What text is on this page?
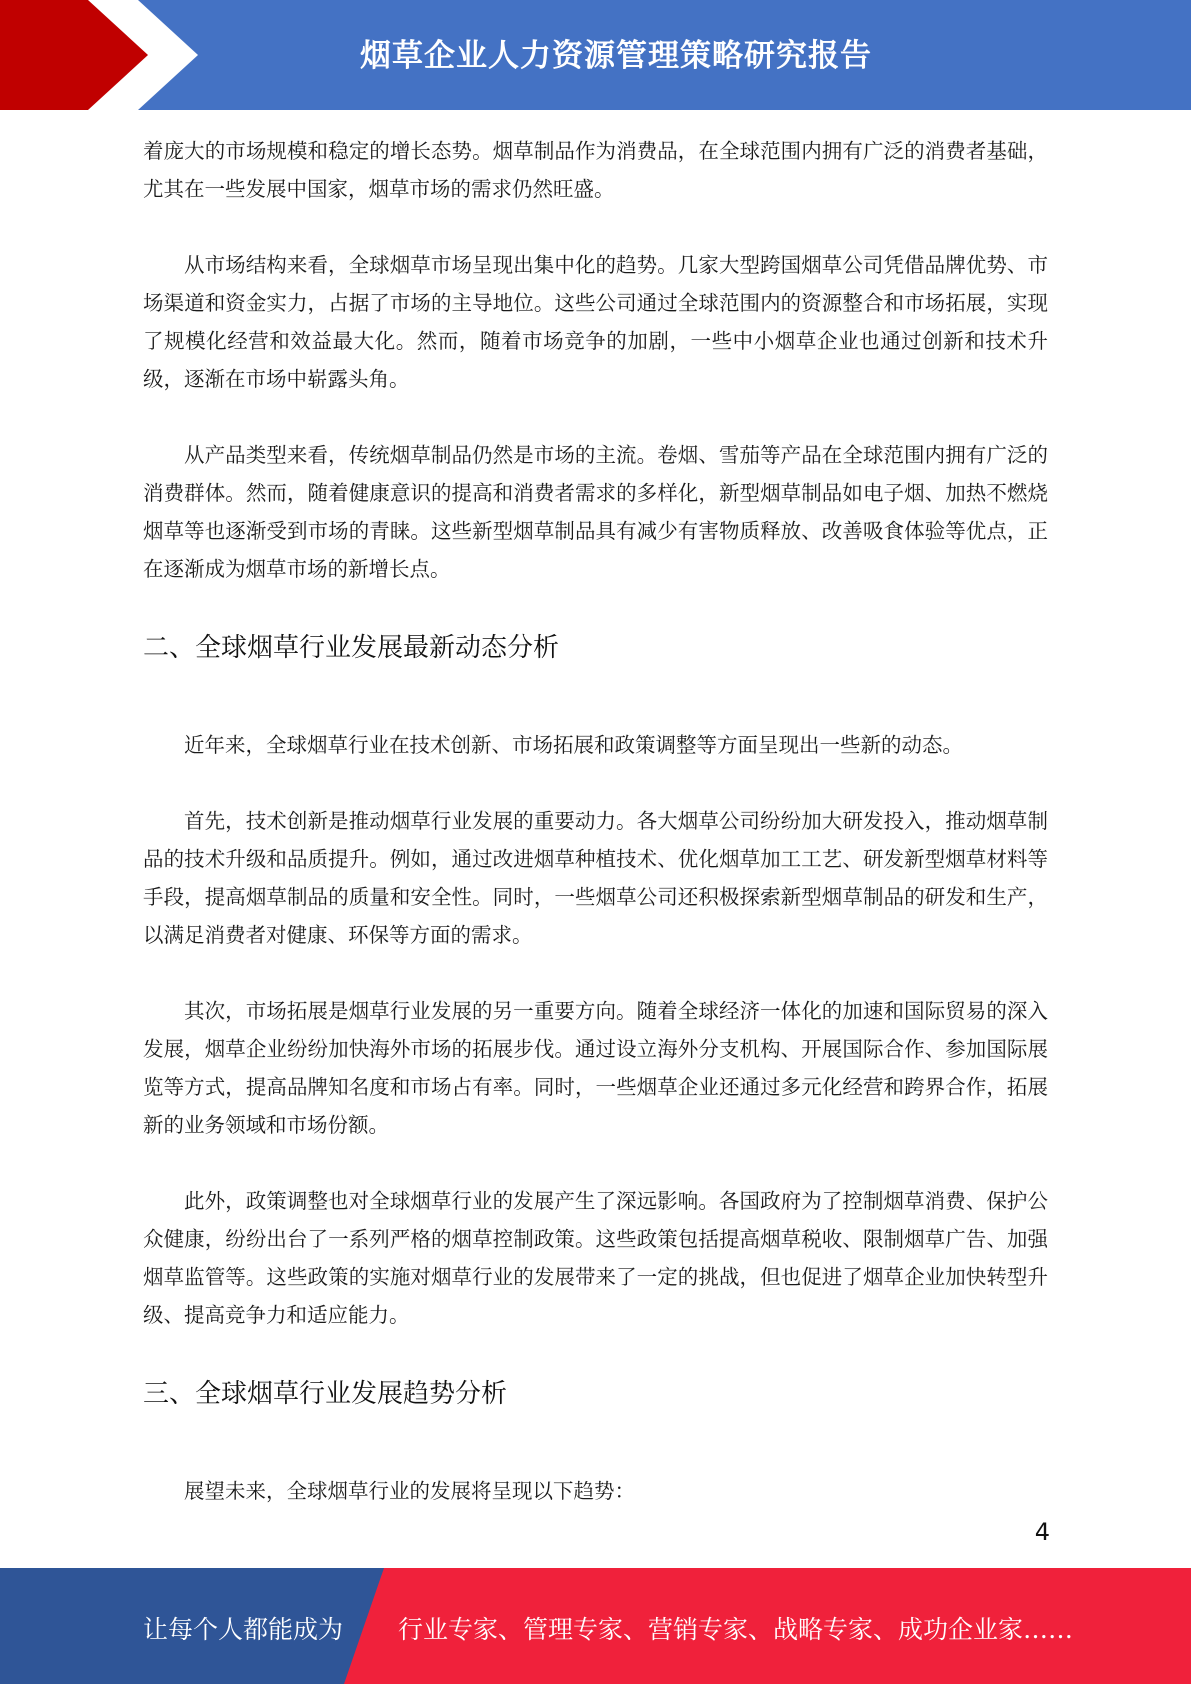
烟草企业人力资源管理策略研究报告

着庞大的市场规模和稳定的增长态势。烟草制品作为消费品，在全球范围内拥有广泛的消费者基础，尤其在一些发展中国家，烟草市场的需求仍然旺盛。

从市场结构来看，全球烟草市场呈现出集中化的趋势。几家大型跨国烟草公司凭借品牌优势、市场渠道和资金实力，占据了市场的主导地位。这些公司通过全球范围内的资源整合和市场拓展，实现了规模化经营和效益最大化。然而，随着市场竞争的加剧，一些中小烟草企业也通过创新和技术升级，逐渐在市场中崭露头角。

从产品类型来看，传统烟草制品仍然是市场的主流。卷烟、雪茄等产品在全球范围内拥有广泛的消费群体。然而，随着健康意识的提高和消费者需求的多样化，新型烟草制品如电子烟、加热不燃烧烟草等也逐渐受到市场的青睐。这些新型烟草制品具有减少有害物质释放、改善吸食体验等优点，正在逐渐成为烟草市场的新增长点。

二、全球烟草行业发展最新动态分析

近年来，全球烟草行业在技术创新、市场拓展和政策调整等方面呈现出一些新的动态。

首先，技术创新是推动烟草行业发展的重要动力。各大烟草公司纷纷加大研发投入，推动烟草制品的技术升级和品质提升。例如，通过改进烟草种植技术、优化烟草加工工艺、研发新型烟草材料等手段，提高烟草制品的质量和安全性。同时，一些烟草公司还积极探索新型烟草制品的研发和生产，以满足消费者对健康、环保等方面的需求。

其次，市场拓展是烟草行业发展的另一重要方向。随着全球经济一体化的加速和国际贸易的深入发展，烟草企业纷纷加快海外市场的拓展步伐。通过设立海外分支机构、开展国际合作、参加国际展览等方式，提高品牌知名度和市场占有率。同时，一些烟草企业还通过多元化经营和跨界合作，拓展新的业务领域和市场份额。

此外，政策调整也对全球烟草行业的发展产生了深远影响。各国政府为了控制烟草消费、保护公众健康，纷纷出台了一系列严格的烟草控制政策。这些政策包括提高烟草税收、限制烟草广告、加强烟草监管等。这些政策的实施对烟草行业的发展带来了一定的挑战，但也促进了烟草企业加快转型升级、提高竞争力和适应能力。

三、全球烟草行业发展趋势分析

展望未来，全球烟草行业的发展将呈现以下趋势：

4
让每个人都能成为 行业专家、管理专家、营销专家、战略专家、成功企业家……
